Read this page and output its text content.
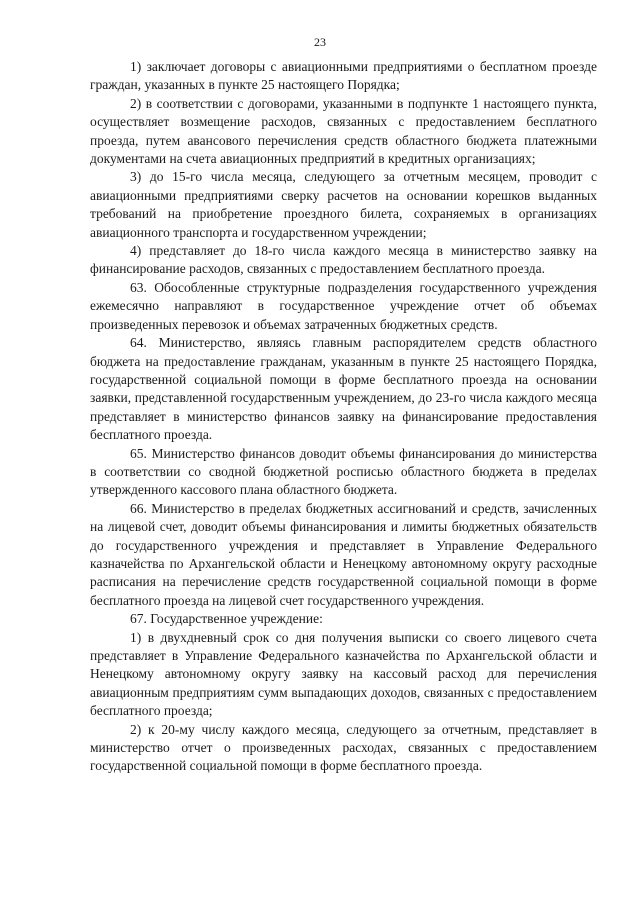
23

1) заключает договоры с авиационными предприятиями о бесплатном проезде граждан, указанных в пункте 25 настоящего Порядка;

2) в соответствии с договорами, указанными в подпункте 1 настоящего пункта, осуществляет возмещение расходов, связанных с предоставлением бесплатного проезда, путем авансового перечисления средств областного бюджета платежными документами на счета авиационных предприятий в кредитных организациях;

3) до 15-го числа месяца, следующего за отчетным месяцем, проводит с авиационными предприятиями сверку расчетов на основании корешков выданных требований на приобретение проездного билета, сохраняемых в организациях авиационного транспорта и государственном учреждении;

4) представляет до 18-го числа каждого месяца в министерство заявку на финансирование расходов, связанных с предоставлением бесплатного проезда.

63. Обособленные структурные подразделения государственного учреждения ежемесячно направляют в государственное учреждение отчет об объемах произведенных перевозок и объемах затраченных бюджетных средств.

64. Министерство, являясь главным распорядителем средств областного бюджета на предоставление гражданам, указанным в пункте 25 настоящего Порядка, государственной социальной помощи в форме бесплатного проезда на основании заявки, представленной государственным учреждением, до 23-го числа каждого месяца представляет в министерство финансов заявку на финансирование предоставления бесплатного проезда.

65. Министерство финансов доводит объемы финансирования до министерства в соответствии со сводной бюджетной росписью областного бюджета в пределах утвержденного кассового плана областного бюджета.

66. Министерство в пределах бюджетных ассигнований и средств, зачисленных на лицевой счет, доводит объемы финансирования и лимиты бюджетных обязательств до государственного учреждения и представляет в Управление Федерального казначейства по Архангельской области и Ненецкому автономному округу расходные расписания на перечисление средств государственной социальной помощи в форме бесплатного проезда на лицевой счет государственного учреждения.

67. Государственное учреждение:

1) в двухдневный срок со дня получения выписки со своего лицевого счета представляет в Управление Федерального казначейства по Архангельской области и Ненецкому автономному округу заявку на кассовый расход для перечисления авиационным предприятиям сумм выпадающих доходов, связанных с предоставлением бесплатного проезда;

2) к 20-му числу каждого месяца, следующего за отчетным, представляет в министерство отчет о произведенных расходах, связанных с предоставлением государственной социальной помощи в форме бесплатного проезда.
